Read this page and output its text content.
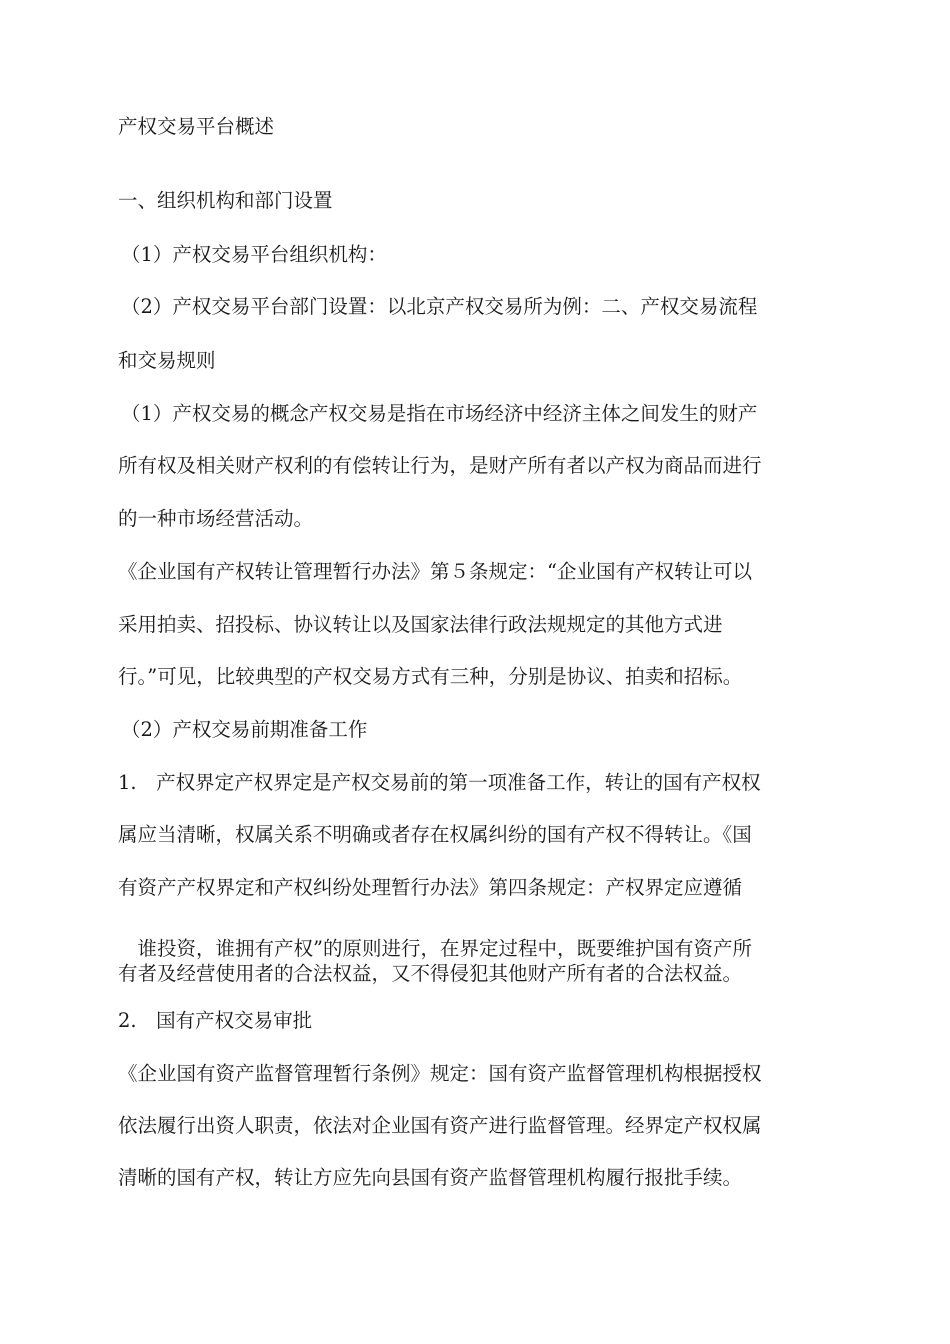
产权交易平台概述
一、组织机构和部门设置
（1）产权交易平台组织机构：
（2）产权交易平台部门设置：以北京产权交易所为例：二、产权交易流程
和交易规则
（1）产权交易的概念产权交易是指在市场经济中经济主体之间发生的财产
所有权及相关财产权利的有偿转让行为，是财产所有者以产权为商品而进行
的一种市场经营活动。
《企业国有产权转让管理暂行办法》第５条规定：“企业国有产权转让可以
采用拍卖、招投标、协议转让以及国家法律行政法规规定的其他方式进
行。”可见，比较典型的产权交易方式有三种，分别是协议、拍卖和招标。
（2）产权交易前期准备工作
1.　产权界定产权界定是产权交易前的第一项准备工作，转让的国有产权权
属应当清晰，权属关系不明确或者存在权属纠纷的国有产权不得转让。《国
有资产产权界定和产权纠纷处理暂行办法》第四条规定：产权界定应遵循
　谁投资，谁拥有产权”的原则进行，在界定过程中，既要维护国有资产所
有者及经营使用者的合法权益，又不得侵犯其他财产所有者的合法权益。
2.　国有产权交易审批
《企业国有资产监督管理暂行条例》规定：国有资产监督管理机构根据授权
依法履行出资人职责，依法对企业国有资产进行监督管理。经界定产权权属
清晰的国有产权，转让方应先向县国有资产监督管理机构履行报批手续。
